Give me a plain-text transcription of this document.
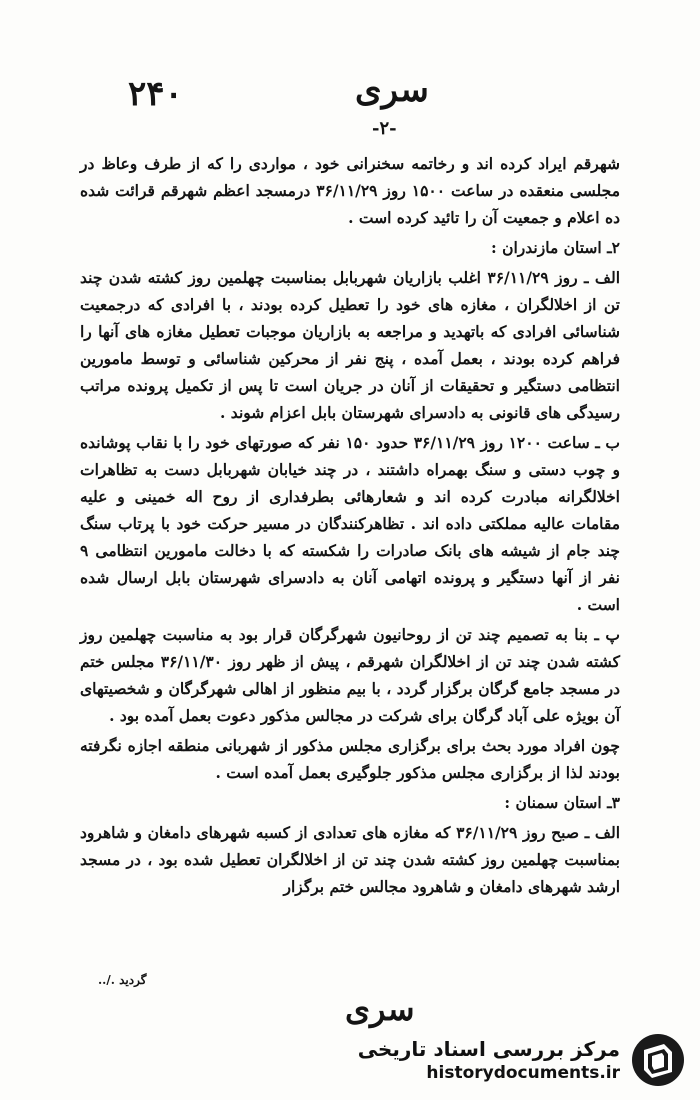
۲۴۰	سری
-۲-

شهرقم ایراد کرده اند و رخاتمه سخنرانی خود ، مواردی را که از طرف وعاظ در مجلسی منعقده در ساعت ۱۵۰۰ روز ۳۶/۱۱/۲۹ درمسجد اعظم شهرقم قرائت شده ده اعلام و جمعیت آن را تائید کرده است .

۲ـ استان مازندران :

الف ـ روز ۳۶/۱۱/۲۹ اغلب بازاریان شهربابل بمناسبت چهلمین روز کشته شدن چند تن از اخلالگران ، مغازه های خود را تعطیل کرده بودند ، با افرادی که درجمعیت شناسائی افرادی که باتهدید و مراجعه به بازاریان موجبات تعطیل مغازه های آنها را فراهم کرده بودند ، بعمل آمده ، پنج نفر از محرکین شناسائی و توسط مامورین انتظامی دستگیر و تحقیقات از آنان در جریان است تا پس از تکمیل پرونده مراتب رسیدگی های قانونی به دادسرای شهرستان بابل اعزام شوند .

ب ـ ساعت ۱۲۰۰ روز ۳۶/۱۱/۲۹ حدود ۱۵۰ نفر که صورتهای خود را با نقاب پوشانده و چوب دستی و سنگ بهمراه داشتند ، در چند خیابان شهربابل دست به تظاهرات اخلالگرانه مبادرت کرده اند و شعارهائی بطرفداری از روح اله خمینی و علیه مقامات عالیه مملکتی داده اند . تظاهرکنندگان در مسیر حرکت خود با پرتاب سنگ چند جام از شیشه های بانک صادرات را شکسته که با دخالت مامورین انتظامی ۹ نفر از آنها دستگیر و پرونده اتهامی آنان به دادسرای شهرستان بابل ارسال شده است .

پ ـ بنا به تصمیم چند تن از روحانیون شهرگرگان قرار بود به مناسبت چهلمین روز کشته شدن چند تن از اخلالگران شهرقم ، پیش از ظهر روز ۳۶/۱۱/۳۰ مجلس ختم در مسجد جامع گرگان برگزار گردد ، با بیم منظور از اهالی شهرگرگان و شخصیتهای آن بویژه علی آباد گرگان برای شرکت در مجالس مذکور دعوت بعمل آمده بود .

چون افراد مورد بحث برای برگزاری مجلس مذکور از شهربانی منطقه اجازه نگرفته بودند لذا از برگزاری مجلس مذکور جلوگیری بعمل آمده است .

۳ـ استان سمنان :

الف ـ صبح روز ۳۶/۱۱/۲۹ که مغازه های تعدادی از کسبه شهرهای دامغان و شاهرود بمناسبت چهلمین روز کشته شدن چند تن از اخلالگران تعطیل شده بود ، در مسجد ارشد شهرهای دامغان و شاهرود مجالس ختم برگزار

گردید ./..
سری
مرکز بررسی اسناد تاریخی
historydocuments.ir
